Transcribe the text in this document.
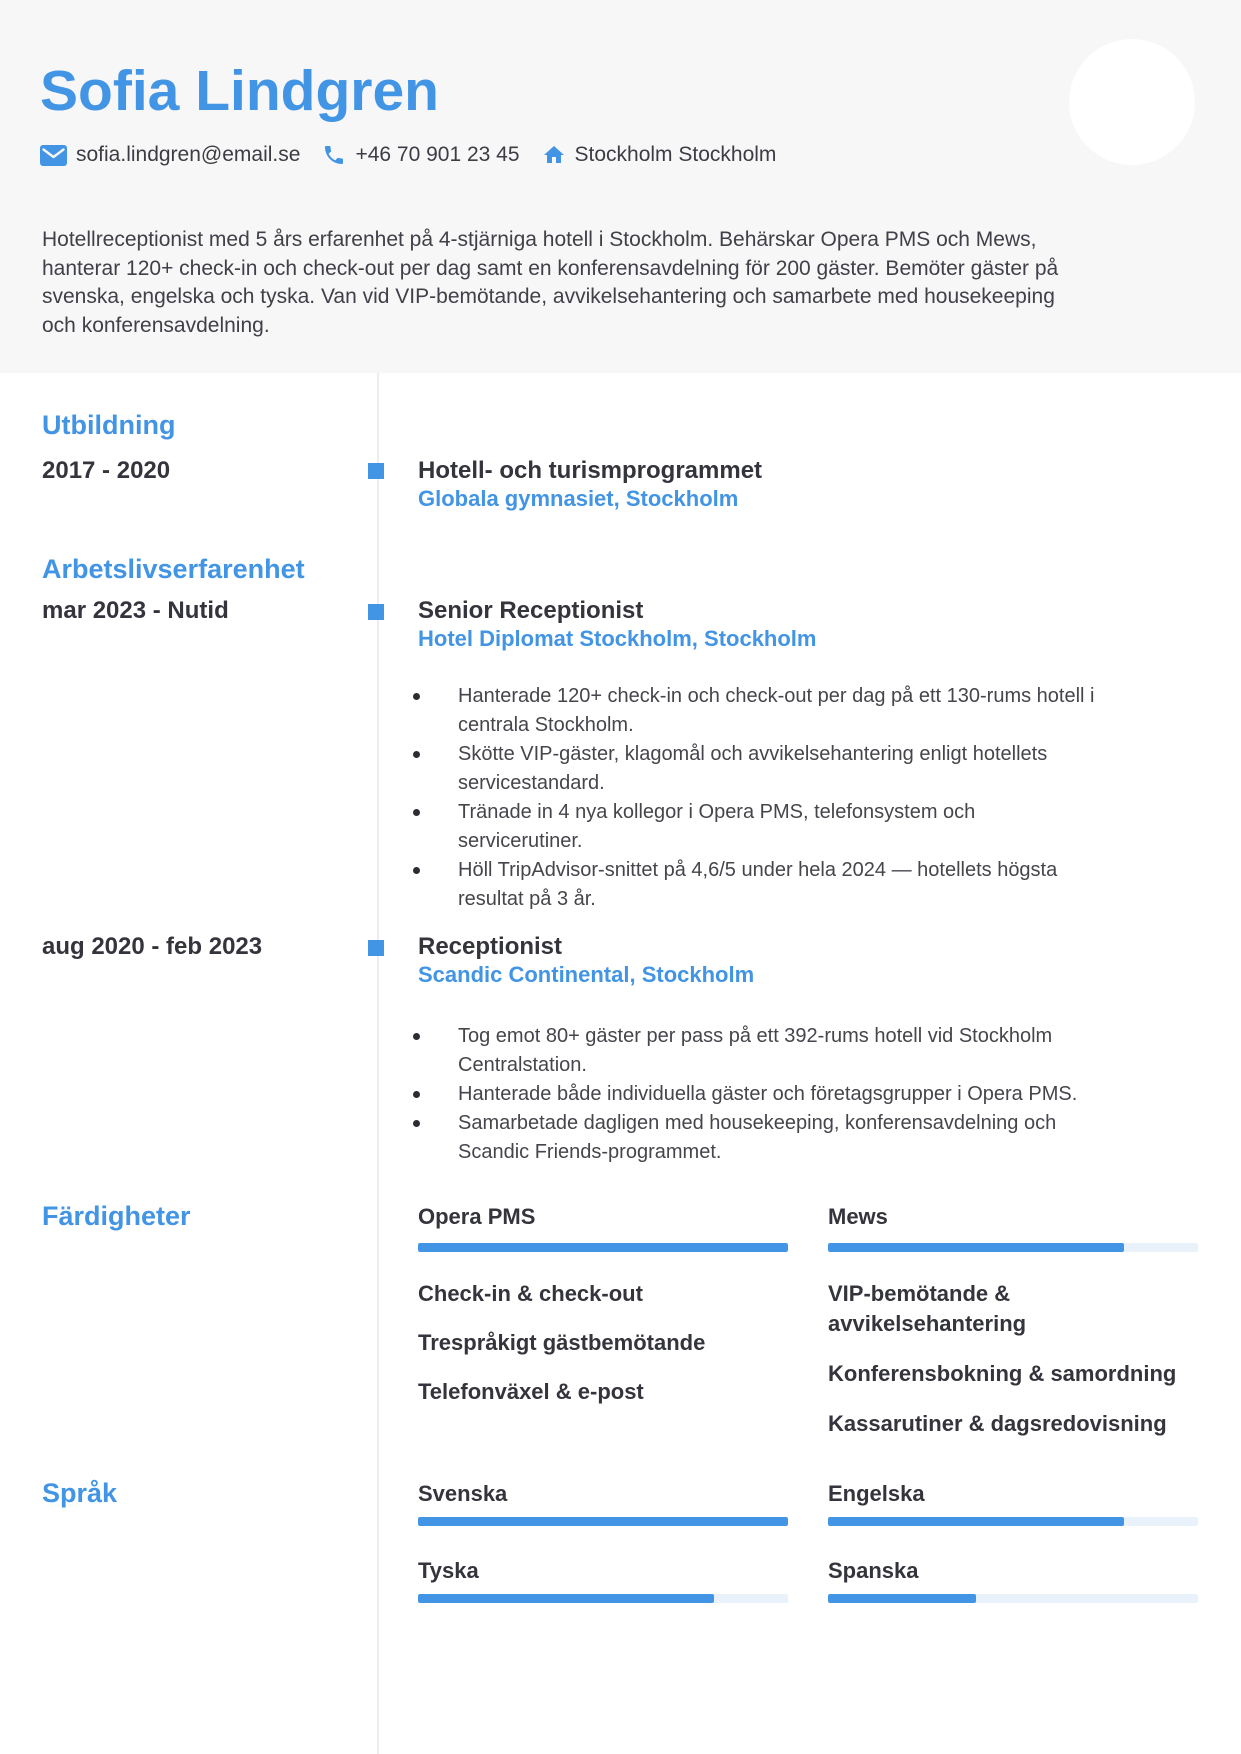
Sofia Lindgren
sofia.lindgren@email.se	+46 70 901 23 45	Stockholm Stockholm

Hotellreceptionist med 5 års erfarenhet på 4-stjärniga hotell i Stockholm. Behärskar Opera PMS och Mews, hanterar 120+ check-in och check-out per dag samt en konferensavdelning för 200 gäster. Bemöter gäster på svenska, engelska och tyska. Van vid VIP-bemötande, avvikelsehantering och samarbete med housekeeping och konferensavdelning.

Utbildning
2017 - 2020	Hotell- och turismprogrammet
Globala gymnasiet, Stockholm
Arbetslivserfarenhet
mar 2023 - Nutid	Senior Receptionist
Hotel Diplomat Stockholm, Stockholm
Hanterade 120+ check-in och check-out per dag på ett 130-rums hotell i centrala Stockholm.
Skötte VIP-gäster, klagomål och avvikelsehantering enligt hotellets servicestandard.
Tränade in 4 nya kollegor i Opera PMS, telefonsystem och servicerutiner.
Höll TripAdvisor-snittet på 4,6/5 under hela 2024 — hotellets högsta resultat på 3 år.
aug 2020 - feb 2023	Receptionist
Scandic Continental, Stockholm
Tog emot 80+ gäster per pass på ett 392-rums hotell vid Stockholm Centralstation.
Hanterade både individuella gäster och företagsgrupper i Opera PMS.
Samarbetade dagligen med housekeeping, konferensavdelning och Scandic Friends-programmet.
Färdigheter	Opera PMS	Mews
Check-in & check-out
Trespråkigt gästbemötande
Telefonväxel & e-post
VIP-bemötande & avvikelsehantering
Konferensbokning & samordning
Kassarutiner & dagsredovisning
Språk	Svenska	Engelska
Tyska	Spanska
